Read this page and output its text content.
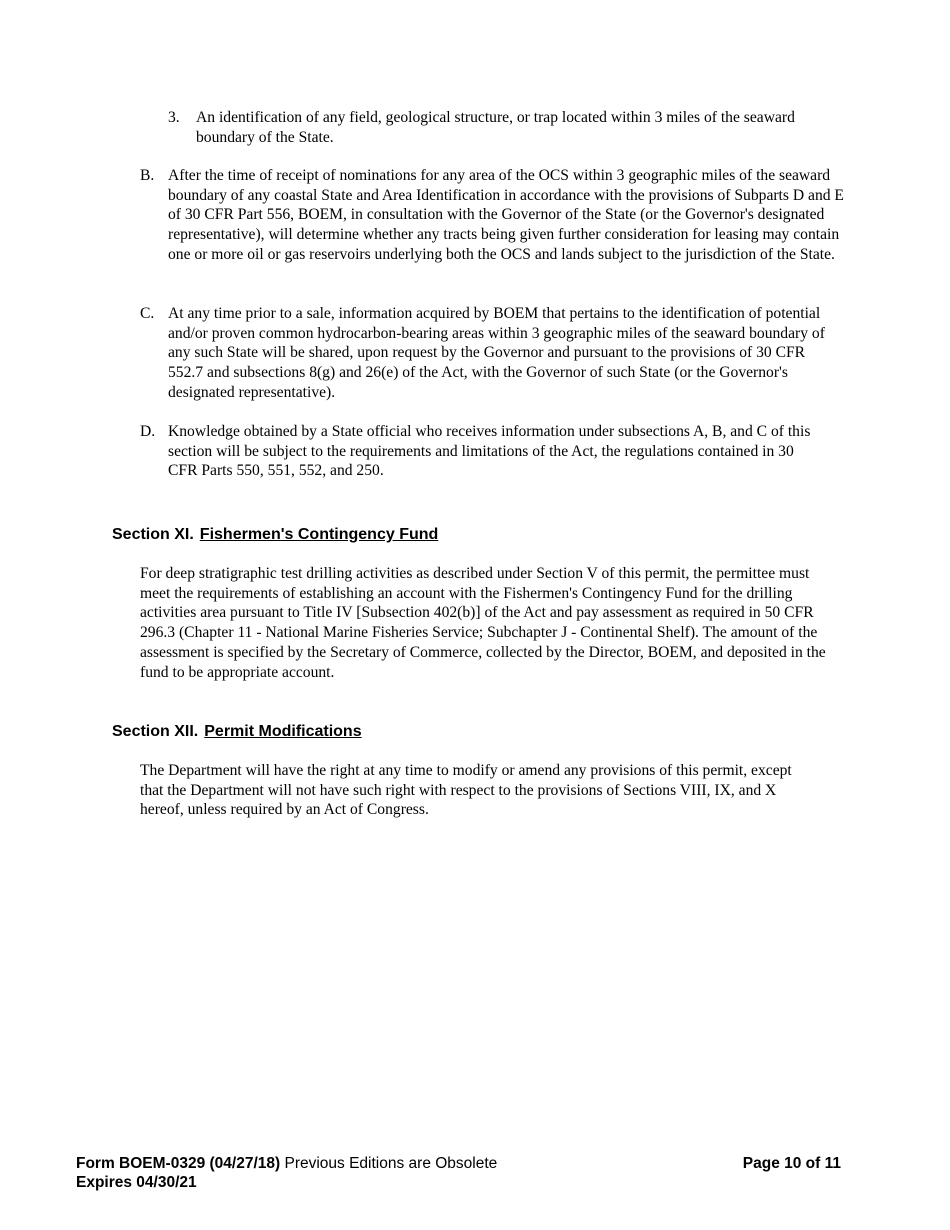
3. An identification of any field, geological structure, or trap located within 3 miles of the seaward boundary of the State.
B. After the time of receipt of nominations for any area of the OCS within 3 geographic miles of the seaward boundary of any coastal State and Area Identification in accordance with the provisions of Subparts D and E of 30 CFR Part 556, BOEM, in consultation with the Governor of the State (or the Governor's designated representative), will determine whether any tracts being given further consideration for leasing may contain one or more oil or gas reservoirs underlying both the OCS and lands subject to the jurisdiction of the State.
C. At any time prior to a sale, information acquired by BOEM that pertains to the identification of potential and/or proven common hydrocarbon-bearing areas within 3 geographic miles of the seaward boundary of any such State will be shared, upon request by the Governor and pursuant to the provisions of 30 CFR 552.7 and subsections 8(g) and 26(e) of the Act, with the Governor of such State (or the Governor's designated representative).
D. Knowledge obtained by a State official who receives information under subsections A, B, and C of this section will be subject to the requirements and limitations of the Act, the regulations contained in 30 CFR Parts 550, 551, 552, and 250.
Section XI. Fishermen's Contingency Fund
For deep stratigraphic test drilling activities as described under Section V of this permit, the permittee must meet the requirements of establishing an account with the Fishermen's Contingency Fund for the drilling activities area pursuant to Title IV [Subsection 402(b)] of the Act and pay assessment as required in 50 CFR 296.3 (Chapter 11 - National Marine Fisheries Service; Subchapter J - Continental Shelf). The amount of the assessment is specified by the Secretary of Commerce, collected by the Director, BOEM, and deposited in the fund to be appropriate account.
Section XII. Permit Modifications
The Department will have the right at any time to modify or amend any provisions of this permit, except that the Department will not have such right with respect to the provisions of Sections VIII, IX, and X hereof, unless required by an Act of Congress.
Form BOEM-0329 (04/27/18) Previous Editions are Obsolete
Expires 04/30/21
Page 10 of 11
